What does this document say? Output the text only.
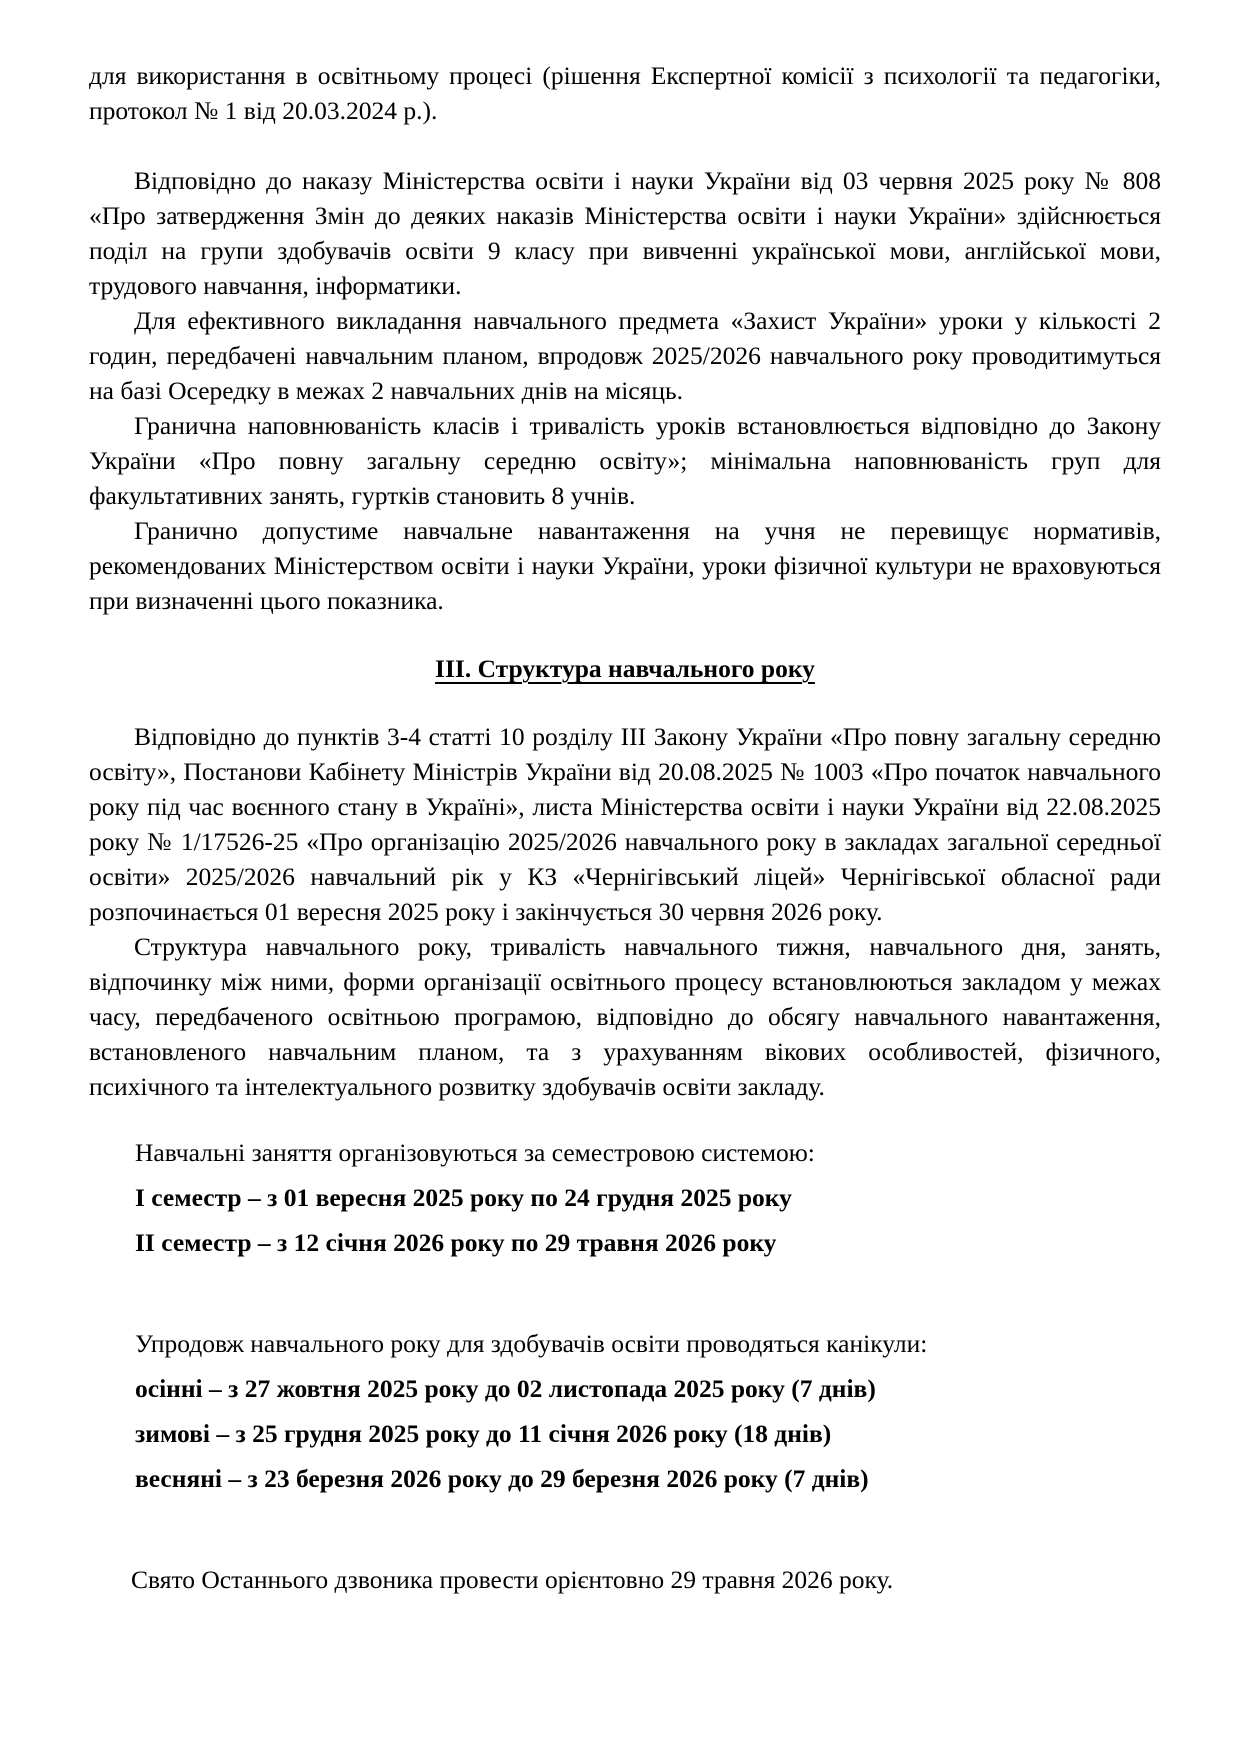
для використання в освітньому процесі (рішення Експертної комісії з психології та педагогіки, протокол № 1 від 20.03.2024 р.).

Відповідно до наказу Міністерства освіти і науки України від 03 червня 2025 року № 808 «Про затвердження Змін до деяких наказів Міністерства освіти і науки України» здійснюється поділ на групи здобувачів освіти 9 класу при вивченні української мови, англійської мови, трудового навчання, інформатики.

Для ефективного викладання навчального предмета «Захист України» уроки у кількості 2 годин, передбачені навчальним планом, впродовж 2025/2026 навчального року проводитимуться на базі Осередку в межах 2 навчальних днів на місяць.

Гранична наповнюваність класів і тривалість уроків встановлюється відповідно до Закону України «Про повну загальну середню освіту»; мінімальна наповнюваність груп для факультативних занять, гуртків становить 8 учнів.

Гранично допустиме навчальне навантаження на учня не перевищує нормативів, рекомендованих Міністерством освіти і науки України, уроки фізичної культури не враховуються при визначенні цього показника.

ІІІ. Структура навчального року

Відповідно до пунктів 3-4 статті 10 розділу ІІІ Закону України «Про повну загальну середню освіту», Постанови Кабінету Міністрів України від 20.08.2025 № 1003 «Про початок навчального року під час воєнного стану в Україні», листа Міністерства освіти і науки України від 22.08.2025 року № 1/17526-25 «Про організацію 2025/2026 навчального року в закладах загальної середньої освіти» 2025/2026 навчальний рік у КЗ «Чернігівський ліцей» Чернігівської обласної ради розпочинається 01 вересня 2025 року і закінчується 30 червня 2026 року.

Структура навчального року, тривалість навчального тижня, навчального дня, занять, відпочинку між ними, форми організації освітнього процесу встановлюються закладом у межах часу, передбаченого освітньою програмою, відповідно до обсягу навчального навантаження, встановленого навчальним планом, та з урахуванням вікових особливостей, фізичного, психічного та інтелектуального розвитку здобувачів освіти закладу.

Навчальні заняття організовуються за семестровою системою:

І семестр – з 01 вересня 2025 року по 24 грудня 2025 року

ІІ семестр – з 12 січня 2026 року по 29 травня 2026 року

Упродовж навчального року для здобувачів освіти проводяться канікули:

осінні – з 27 жовтня 2025 року до 02 листопада 2025 року (7 днів)

зимові – з 25 грудня 2025 року до 11 січня 2026 року (18 днів)

весняні – з 23 березня 2026 року до 29 березня 2026 року (7 днів)

Свято Останнього дзвоника провести орієнтовно 29 травня 2026 року.
